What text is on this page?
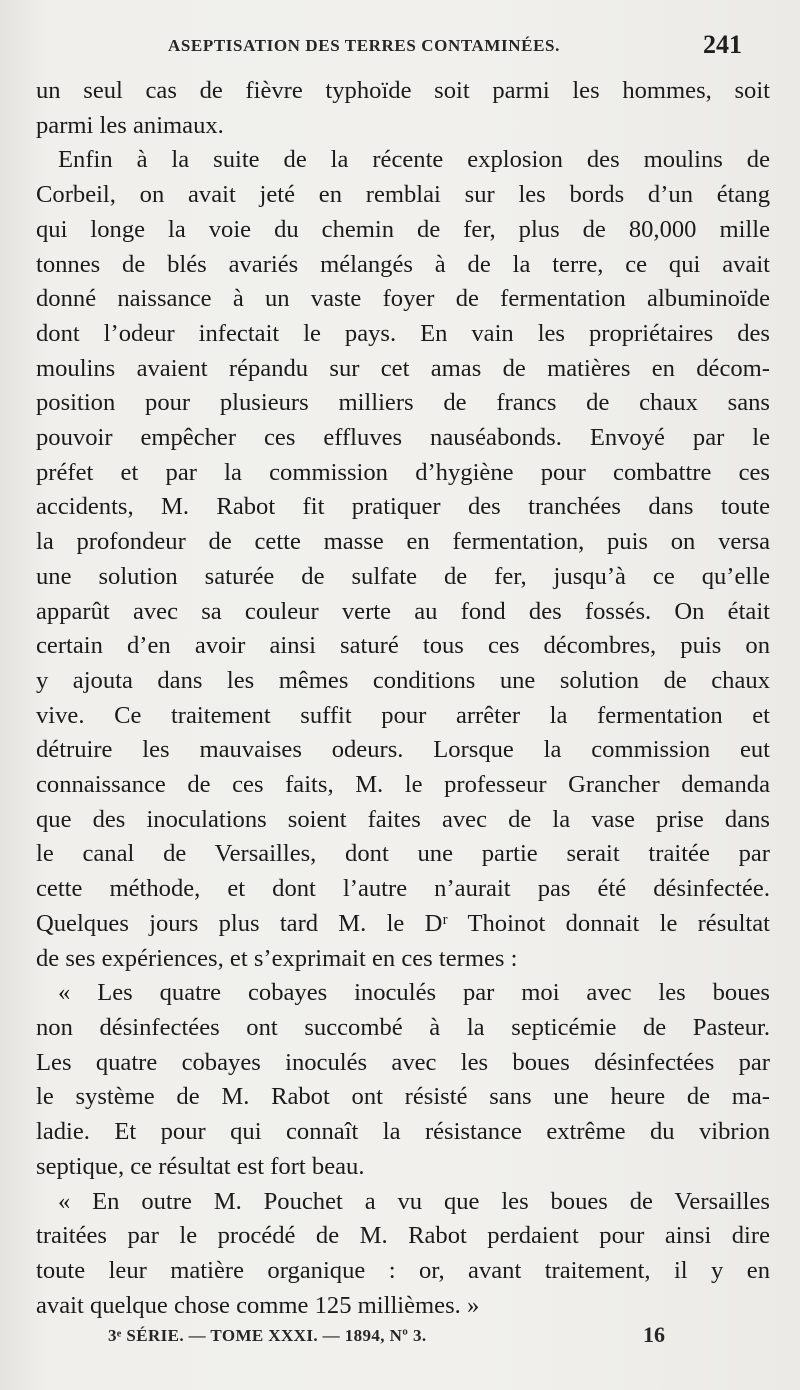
ASEPTISATION DES TERRES CONTAMINÉES.	241
un seul cas de fièvre typhoïde soit parmi les hommes, soit
parmi les animaux.
Enfin à la suite de la récente explosion des moulins de
Corbeil, on avait jeté en remblai sur les bords d’un étang
qui longe la voie du chemin de fer, plus de 80,000 mille
tonnes de blés avariés mélangés à de la terre, ce qui avait
donné naissance à un vaste foyer de fermentation albuminoïde
dont l’odeur infectait le pays. En vain les propriétaires des
moulins avaient répandu sur cet amas de matières en décom-
position pour plusieurs milliers de francs de chaux sans
pouvoir empêcher ces effluves nauséabonds. Envoyé par le
préfet et par la commission d’hygiène pour combattre ces
accidents, M. Rabot fit pratiquer des tranchées dans toute
la profondeur de cette masse en fermentation, puis on versa
une solution saturée de sulfate de fer, jusqu’à ce qu’elle
apparût avec sa couleur verte au fond des fossés. On était
certain d’en avoir ainsi saturé tous ces décombres, puis on
y ajouta dans les mêmes conditions une solution de chaux
vive. Ce traitement suffit pour arrêter la fermentation et
détruire les mauvaises odeurs. Lorsque la commission eut
connaissance de ces faits, M. le professeur Grancher demanda
que des inoculations soient faites avec de la vase prise dans
le canal de Versailles, dont une partie serait traitée par
cette méthode, et dont l’autre n’aurait pas été désinfectée.
Quelques jours plus tard M. le Dʳ Thoinot donnait le résultat
de ses expériences, et s’exprimait en ces termes :
« Les quatre cobayes inoculés par moi avec les boues
non désinfectées ont succombé à la septicémie de Pasteur.
Les quatre cobayes inoculés avec les boues désinfectées par
le système de M. Rabot ont résisté sans une heure de ma-
ladie. Et pour qui connaît la résistance extrême du vibrion
septique, ce résultat est fort beau.
« En outre M. Pouchet a vu que les boues de Versailles
traitées par le procédé de M. Rabot perdaient pour ainsi dire
toute leur matière organique : or, avant traitement, il y en
avait quelque chose comme 125 millièmes. »
3ᵉ SÉRIE. — TOME XXXI. — 1894, Nº 3.	16
